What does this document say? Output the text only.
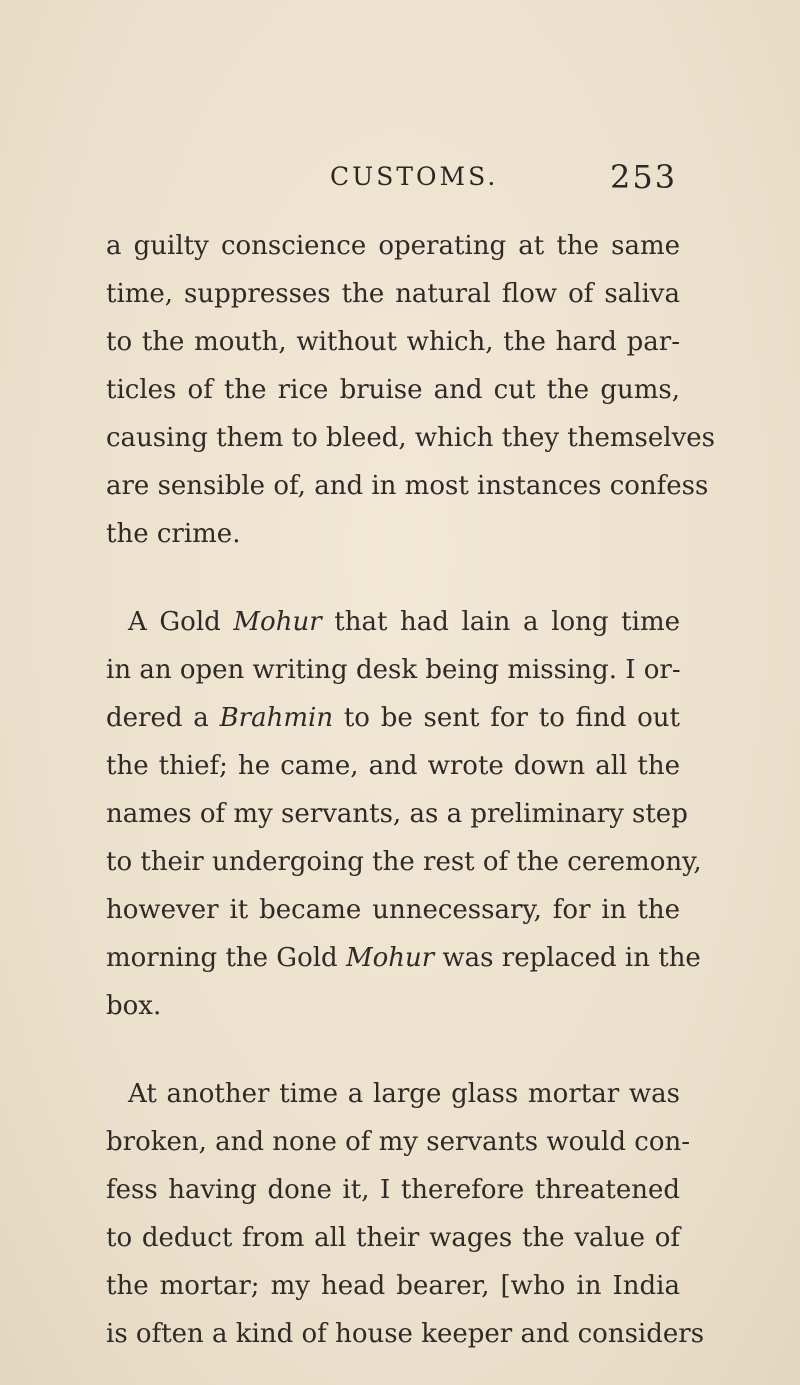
CUSTOMS.	253
a guilty conscience operating at the same
time, suppresses the natural flow of saliva
to the mouth, without which, the hard par-
ticles of the rice bruise and cut the gums,
causing them to bleed, which they themselves
are sensible of, and in most instances confess
the crime.
A Gold Mohur that had lain a long time
in an open writing desk being missing. I or-
dered a Brahmin to be sent for to find out
the thief; he came, and wrote down all the
names of my servants, as a preliminary step
to their undergoing the rest of the ceremony,
however it became unnecessary, for in the
morning the Gold Mohur was replaced in the
box.
At another time a large glass mortar was
broken, and none of my servants would con-
fess having done it, I therefore threatened
to deduct from all their wages the value of
the mortar; my head bearer, [who in India
is often a kind of house keeper and considers
